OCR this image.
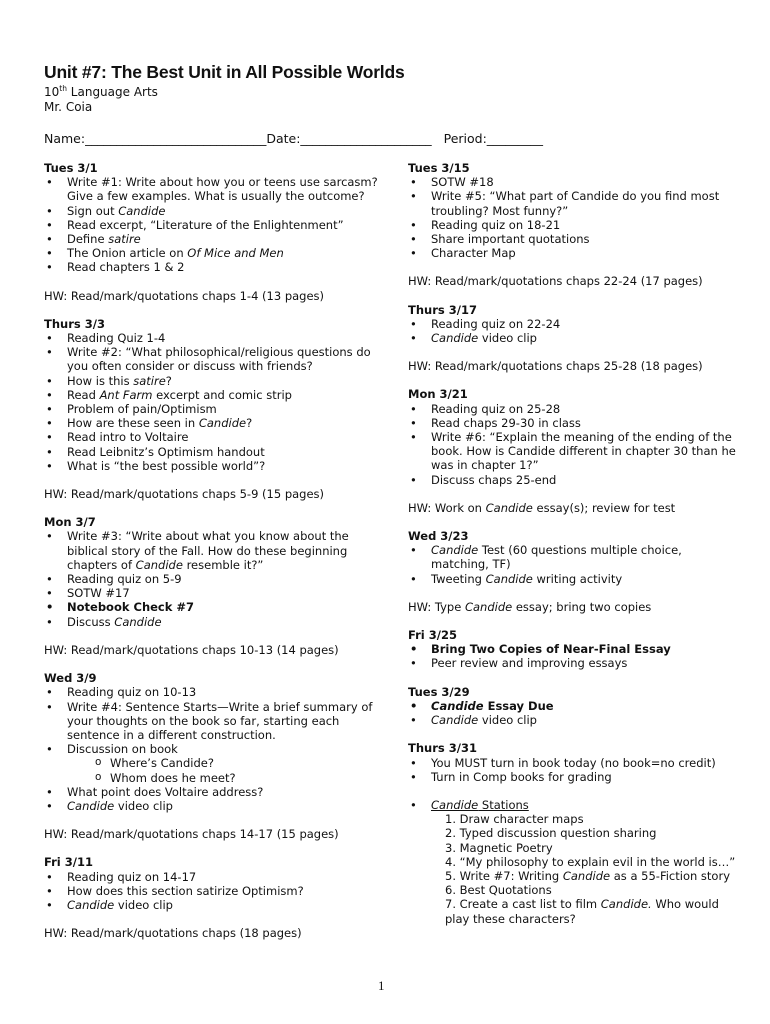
Unit #7: The Best Unit in All Possible Worlds
10th Language Arts
Mr. Coia
Name:_____________________________Date:_____________________   Period:_________
Tues 3/1
• Write #1: Write about how you or teens use sarcasm? Give a few examples. What is usually the outcome?
• Sign out Candide
• Read excerpt, “Literature of the Enlightenment”
• Define satire
• The Onion article on Of Mice and Men
• Read chapters 1 & 2
HW: Read/mark/quotations chaps 1-4 (13 pages)
Thurs 3/3
• Reading Quiz 1-4
• Write #2: “What philosophical/religious questions do you often consider or discuss with friends?
• How is this satire?
• Read Ant Farm excerpt and comic strip
• Problem of pain/Optimism
• How are these seen in Candide?
• Read intro to Voltaire
• Read Leibnitz’s Optimism handout
• What is “the best possible world”?
HW: Read/mark/quotations chaps 5-9 (15 pages)
Mon 3/7
• Write #3: “Write about what you know about the biblical story of the Fall. How do these beginning chapters of Candide resemble it?”
• Reading quiz on 5-9
• SOTW #17
• Notebook Check #7
• Discuss Candide
HW: Read/mark/quotations chaps 10-13 (14 pages)
Wed 3/9
• Reading quiz on 10-13
• Write #4: Sentence Starts—Write a brief summary of your thoughts on the book so far, starting each sentence in a different construction.
• Discussion on book
o Where’s Candide?
o Whom does he meet?
• What point does Voltaire address?
• Candide video clip
HW: Read/mark/quotations chaps 14-17 (15 pages)
Fri 3/11
• Reading quiz on 14-17
• How does this section satirize Optimism?
• Candide video clip
HW: Read/mark/quotations chaps (18 pages)
Tues 3/15
• SOTW #18
• Write #5: “What part of Candide do you find most troubling? Most funny?”
• Reading quiz on 18-21
• Share important quotations
• Character Map
HW: Read/mark/quotations chaps 22-24 (17 pages)
Thurs 3/17
• Reading quiz on 22-24
• Candide video clip
HW: Read/mark/quotations chaps 25-28 (18 pages)
Mon 3/21
• Reading quiz on 25-28
• Read chaps 29-30 in class
• Write #6: “Explain the meaning of the ending of the book. How is Candide different in chapter 30 than he was in chapter 1?”
• Discuss chaps 25-end
HW: Work on Candide essay(s); review for test
Wed 3/23
• Candide Test (60 questions multiple choice, matching, TF)
• Tweeting Candide writing activity
HW: Type Candide essay; bring two copies
Fri 3/25
• Bring Two Copies of Near-Final Essay
• Peer review and improving essays
Tues 3/29
• Candide Essay Due
• Candide video clip
Thurs 3/31
• You MUST turn in book today (no book=no credit)
• Turn in Comp books for grading
• Candide Stations
1. Draw character maps
2. Typed discussion question sharing
3. Magnetic Poetry
4. “My philosophy to explain evil in the world is…”
5. Write #7: Writing Candide as a 55-Fiction story
6. Best Quotations
7. Create a cast list to film Candide. Who would play these characters?
1
